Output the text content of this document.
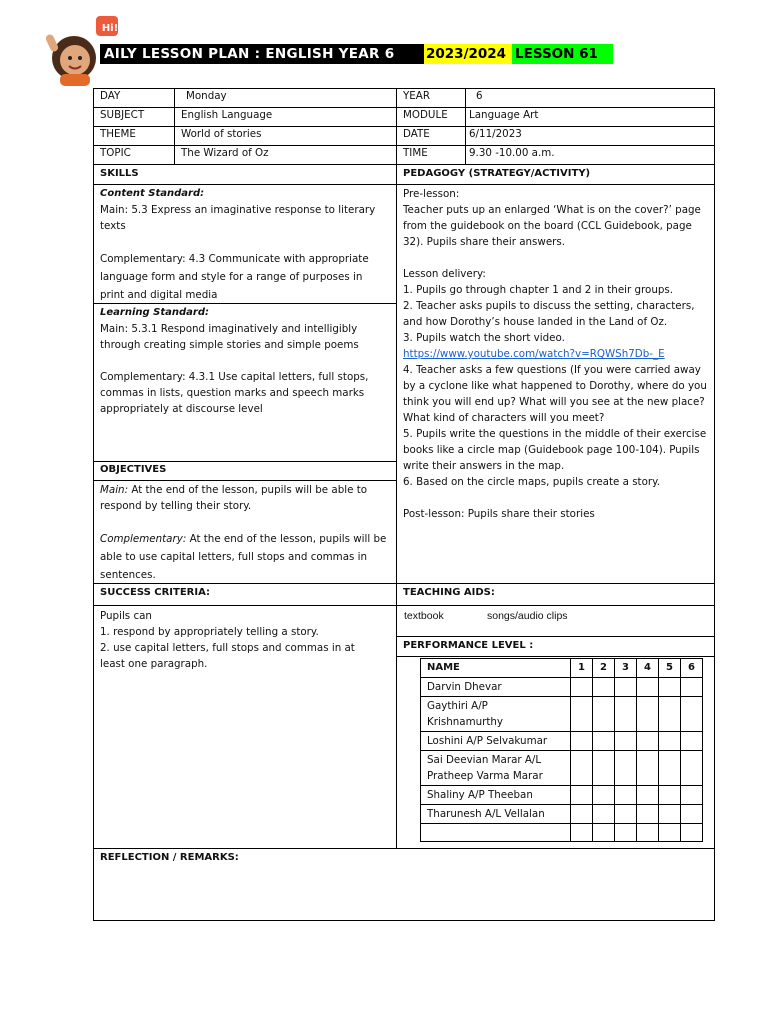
Hi!
AILY LESSON PLAN : ENGLISH YEAR 6	2023/2024 LESSON 61
DAY	Monday	YEAR	6
SUBJECT	English Language	MODULE	Language Art
THEME	World of stories	DATE	6/11/2023
TOPIC	The Wizard of Oz	TIME	9.30 -10.00 a.m.
SKILLS	PEDAGOGY (STRATEGY/ACTIVITY)

Content Standard:

Main: 5.3 Express an imaginative response to literary texts

Complementary: 4.3 Communicate with appropriate language form and style for a range of purposes in print and digital media

Learning Standard:

Main: 5.3.1 Respond imaginatively and intelligibly through creating simple stories and simple poems

Complementary: 4.3.1 Use capital letters, full stops, commas in lists, question marks and speech marks appropriately at discourse level

OBJECTIVES

Main: At the end of the lesson, pupils will be able to respond by telling their story.

Complementary: At the end of the lesson, pupils will be able to use capital letters, full stops and commas in sentences.

Pre-lesson:

Teacher puts up an enlarged ‘What is on the cover?’ page from the guidebook on the board (CCL Guidebook, page 32). Pupils share their answers.

Lesson delivery:

1. Pupils go through chapter 1 and 2 in their groups.

2. Teacher asks pupils to discuss the setting, characters, and how Dorothy’s house landed in the Land of Oz.

3. Pupils watch the short video.

https://www.youtube.com/watch?v=RQWSh7Db-_E

4. Teacher asks a few questions (If you were carried away by a cyclone like what happened to Dorothy, where do you think you will end up? What will you see at the new place? What kind of characters will you meet?

5. Pupils write the questions in the middle of their exercise books like a circle map (Guidebook page 100-104). Pupils write their answers in the map.

6. Based on the circle maps, pupils create a story.

Post-lesson: Pupils share their stories

SUCCESS CRITERIA:

Pupils can

1. respond by appropriately telling a story.

2. use capital letters, full stops and commas in at least one paragraph.

TEACHING AIDS:
textbook	songs/audio clips
PERFORMANCE LEVEL :
NAME	1	2	3	4	5	6
Darvin Dhevar						
Gaythiri A/P Krishnamurthy						
Loshini A/P Selvakumar						
Sai Deevian Marar A/L Pratheep Varma Marar						
Shaliny A/P Theeban						
Tharunesh A/L Vellalan						

REFLECTION / REMARKS:
